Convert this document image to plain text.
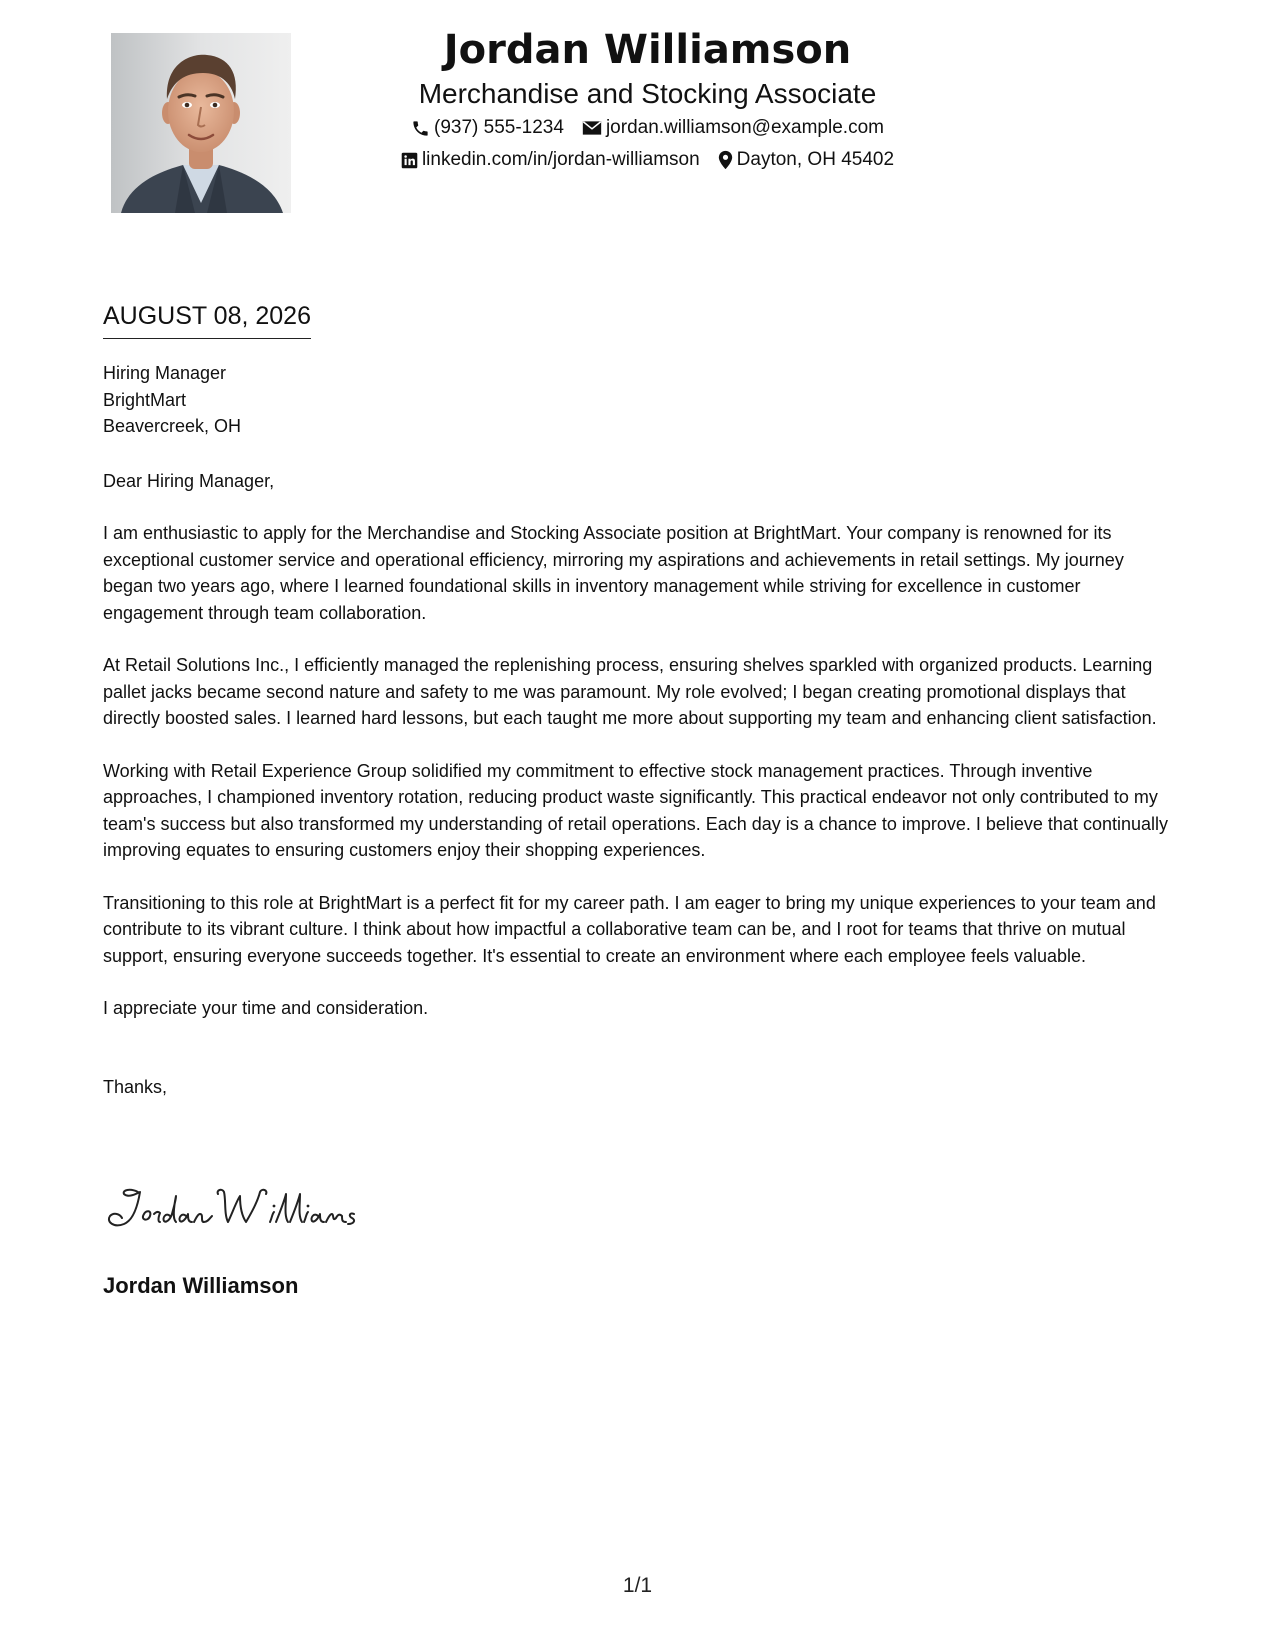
Jordan Williamson
Merchandise and Stocking Associate
(937) 555-1234 jordan.williamson@example.com
linkedin.com/in/jordan-williamson Dayton, OH 45402
AUGUST 08, 2026
Hiring Manager
BrightMart
Beavercreek, OH
Dear Hiring Manager,
I am enthusiastic to apply for the Merchandise and Stocking Associate position at BrightMart. Your company is renowned for its exceptional customer service and operational efficiency, mirroring my aspirations and achievements in retail settings. My journey began two years ago, where I learned foundational skills in inventory management while striving for excellence in customer engagement through team collaboration.
At Retail Solutions Inc., I efficiently managed the replenishing process, ensuring shelves sparkled with organized products. Learning pallet jacks became second nature and safety to me was paramount. My role evolved; I began creating promotional displays that directly boosted sales. I learned hard lessons, but each taught me more about supporting my team and enhancing client satisfaction.
Working with Retail Experience Group solidified my commitment to effective stock management practices. Through inventive approaches, I championed inventory rotation, reducing product waste significantly. This practical endeavor not only contributed to my team's success but also transformed my understanding of retail operations. Each day is a chance to improve. I believe that continually improving equates to ensuring customers enjoy their shopping experiences.
Transitioning to this role at BrightMart is a perfect fit for my career path. I am eager to bring my unique experiences to your team and contribute to its vibrant culture. I think about how impactful a collaborative team can be, and I root for teams that thrive on mutual support, ensuring everyone succeeds together. It's essential to create an environment where each employee feels valuable.
I appreciate your time and consideration.
Thanks,
Jordan Williamson
1/1
